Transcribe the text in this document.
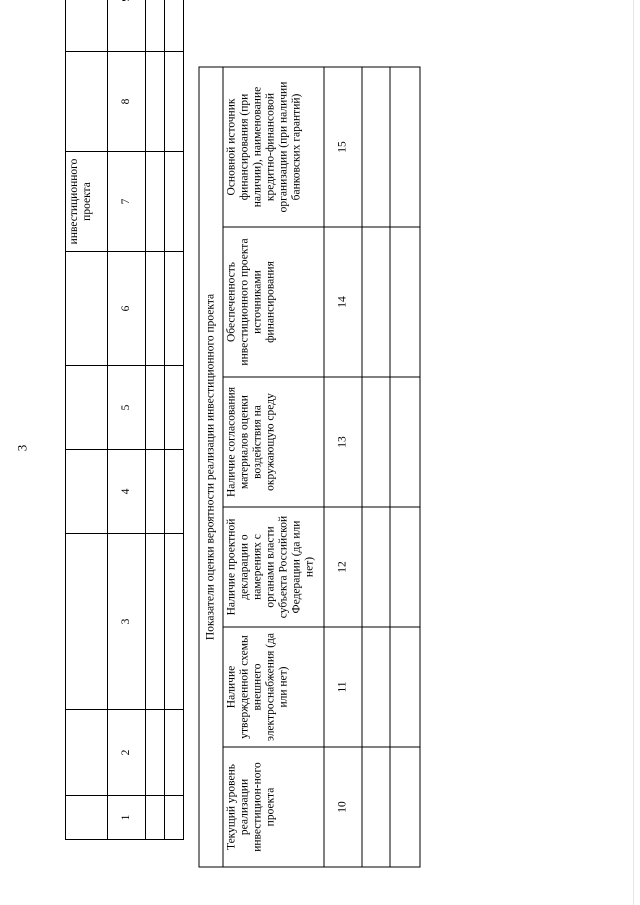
3
						инвестиционного проекта		
1	2	3	4	5	6	7	8	

Показатели оценки вероятности реализации инвестиционного проекта					
Текущий уровень реализации инвестицион-ного проекта	Наличие утвержденной схемы внешнего электроснабжения (да или нет)	Наличие проектной декларации о намерениях с органами власти субъекта Российской Федерации (да или нет)	Наличие согласования материалов оценки воздействия на окружающую среду	Обеспеченность инвестиционного проекта источниками финансирования	Основной источник финансирования (при наличии), наименование кредитно-финансовой организации (при наличии банковских гарантий)
10	11	12	13	14	15
